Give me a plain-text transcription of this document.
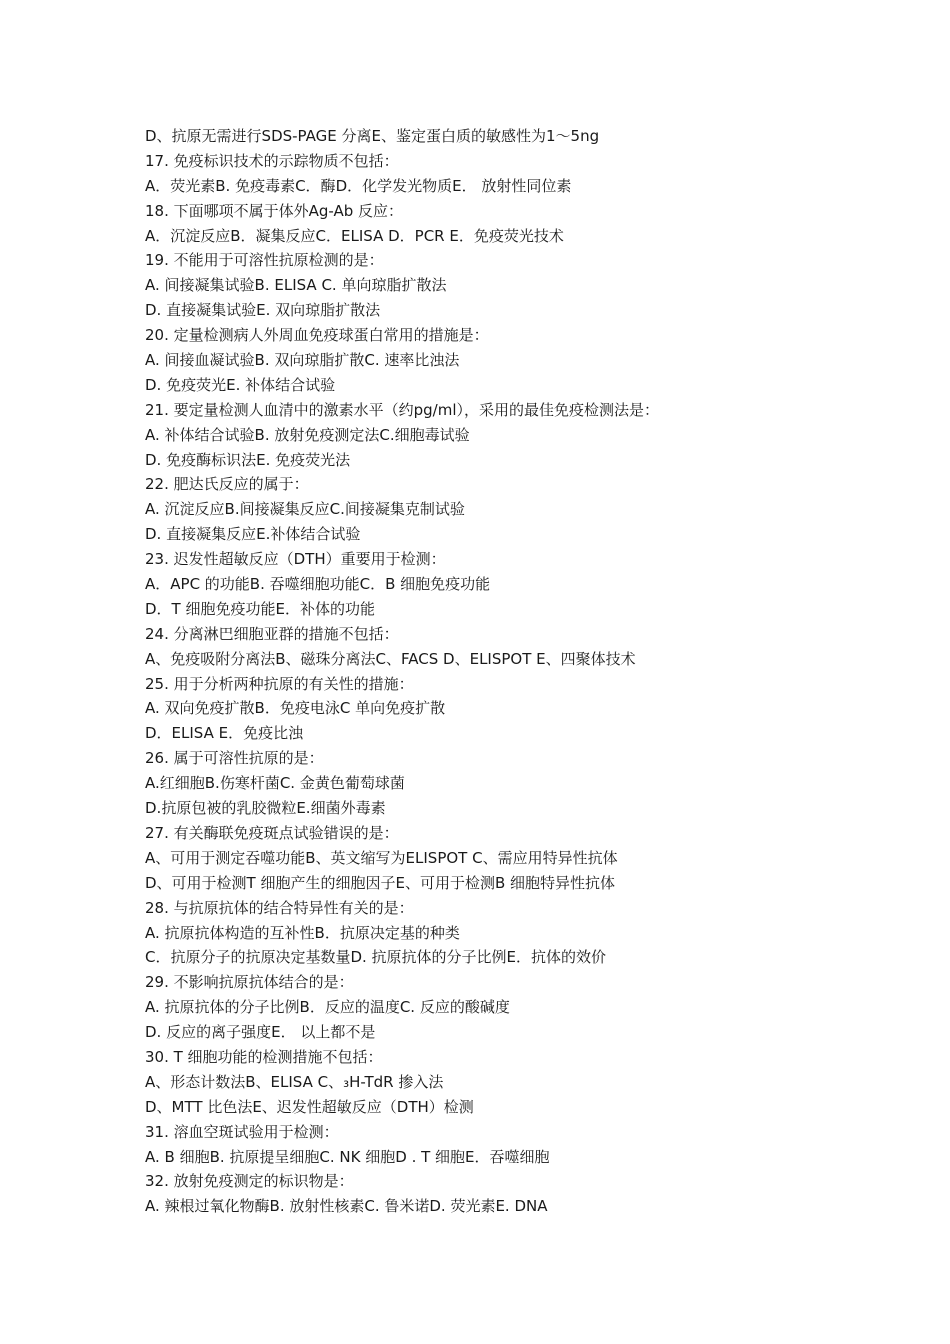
D、抗原无需进行SDS-PAGE 分离E、鉴定蛋白质的敏感性为1～5ng
17. 免疫标识技术的示踪物质不包括：
A．荧光素B. 免疫毒素C．酶D．化学发光物质E． 放射性同位素
18. 下面哪项不属于体外Ag-Ab 反应：
A．沉淀反应B．凝集反应C．ELISA D．PCR E．免疫荧光技术
19. 不能用于可溶性抗原检测的是：
A. 间接凝集试验B. ELISA C. 单向琼脂扩散法
D. 直接凝集试验E. 双向琼脂扩散法
20. 定量检测病人外周血免疫球蛋白常用的措施是：
A. 间接血凝试验B. 双向琼脂扩散C. 速率比浊法
D. 免疫荧光E. 补体结合试验
21. 要定量检测人血清中的激素水平（约pg/ml），采用的最佳免疫检测法是：
A. 补体结合试验B. 放射免疫测定法C.细胞毒试验
D. 免疫酶标识法E. 免疫荧光法
22. 肥达氏反应的属于：
A. 沉淀反应B.间接凝集反应C.间接凝集克制试验
D. 直接凝集反应E.补体结合试验
23. 迟发性超敏反应（DTH）重要用于检测：
A．APC 的功能B. 吞噬细胞功能C．B 细胞免疫功能
D．T 细胞免疫功能E．补体的功能
24. 分离淋巴细胞亚群的措施不包括：
A、免疫吸附分离法B、磁珠分离法C、FACS D、ELISPOT E、四聚体技术
25. 用于分析两种抗原的有关性的措施：
A. 双向免疫扩散B．免疫电泳C 单向免疫扩散
D．ELISA E．免疫比浊
26. 属于可溶性抗原的是：
A.红细胞B.伤寒杆菌C. 金黄色葡萄球菌
D.抗原包被的乳胶微粒E.细菌外毒素
27. 有关酶联免疫斑点试验错误的是：
A、可用于测定吞噬功能B、英文缩写为ELISPOT C、需应用特异性抗体
D、可用于检测T 细胞产生的细胞因子E、可用于检测B 细胞特异性抗体
28. 与抗原抗体的结合特异性有关的是：
A. 抗原抗体构造的互补性B．抗原决定基的种类
C．抗原分子的抗原决定基数量D. 抗原抗体的分子比例E．抗体的效价
29. 不影响抗原抗体结合的是：
A. 抗原抗体的分子比例B．反应的温度C. 反应的酸碱度
D. 反应的离子强度E． 以上都不是
30. T 细胞功能的检测措施不包括：
A、形态计数法B、ELISA C、₃H-TdR 掺入法
D、MTT 比色法E、迟发性超敏反应（DTH）检测
31. 溶血空斑试验用于检测：
A. B 细胞B. 抗原提呈细胞C. NK 细胞D . T 细胞E．吞噬细胞
32. 放射免疫测定的标识物是：
A. 辣根过氧化物酶B. 放射性核素C. 鲁米诺D. 荧光素E. DNA
